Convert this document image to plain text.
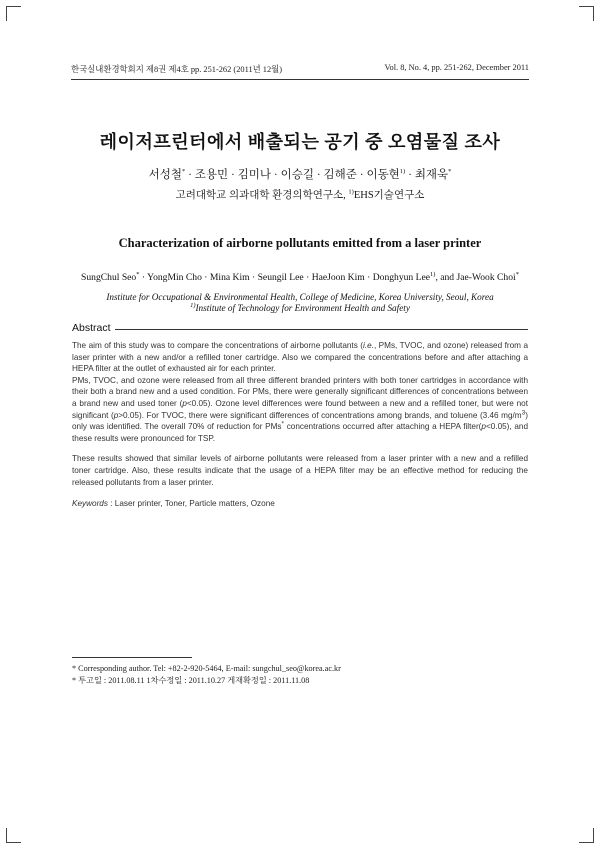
한국실내환경학회지 제8권 제4호 pp. 251-262 (2011년 12월)	Vol. 8, No. 4, pp. 251-262, December 2011
레이저프린터에서 배출되는 공기 중 오염물질 조사
서성철* · 조용민 · 김미나 · 이승길 · 김해준 · 이동현$^{1)}$ · 최재욱*
고려대학교 의과대학 환경의학연구소, $^{1)}$EHS기술연구소
Characterization of airborne pollutants emitted from a laser printer
SungChul Seo* · YongMin Cho · Mina Kim · Seungil Lee · HaeJoon Kim · Donghyun Lee$^{1)}$, and Jae-Wook Choi*
Institute for Occupational & Environmental Health, College of Medicine, Korea University, Seoul, Korea
$^{1)}$Institute of Technology for Environment Health and Safety
Abstract

The aim of this study was to compare the concentrations of airborne pollutants (i.e., PMs, TVOC, and ozone) released from a laser printer with a new and/or a refilled toner cartridge. Also we compared the concentrations before and after attaching a HEPA filter at the outlet of exhausted air for each printer.

PMs, TVOC, and ozone were released from all three different branded printers with both toner cartridges in accordance with their both a brand new and a used condition. For PMs, there were generally significant differences of concentrations between a brand new and used toner (p<0.05). Ozone level differences were found between a new and a refilled toner, but were not significant (p>0.05). For TVOC, there were significant differences of concentrations among brands, and toluene (3.46 $mg/m^3$) only was identified. The overall 70% of reduction for PMs* concentrations occurred after attaching a HEPA filter(p<0.05), and these results were pronounced for TSP.

These results showed that similar levels of airborne pollutants were released from a laser printer with a new and a refilled toner cartridge. Also, these results indicate that the usage of a HEPA filter may be an effective method for reducing the released pollutants from a laser printer.

Keywords : Laser printer, Toner, Particle matters, Ozone
* Corresponding author. Tel: +82-2-920-5464, E-mail: sungchul_seo@korea.ac.kr
* 투고일 : 2011.08.11 1차수정일 : 2011.10.27 게재확정일 : 2011.11.08
